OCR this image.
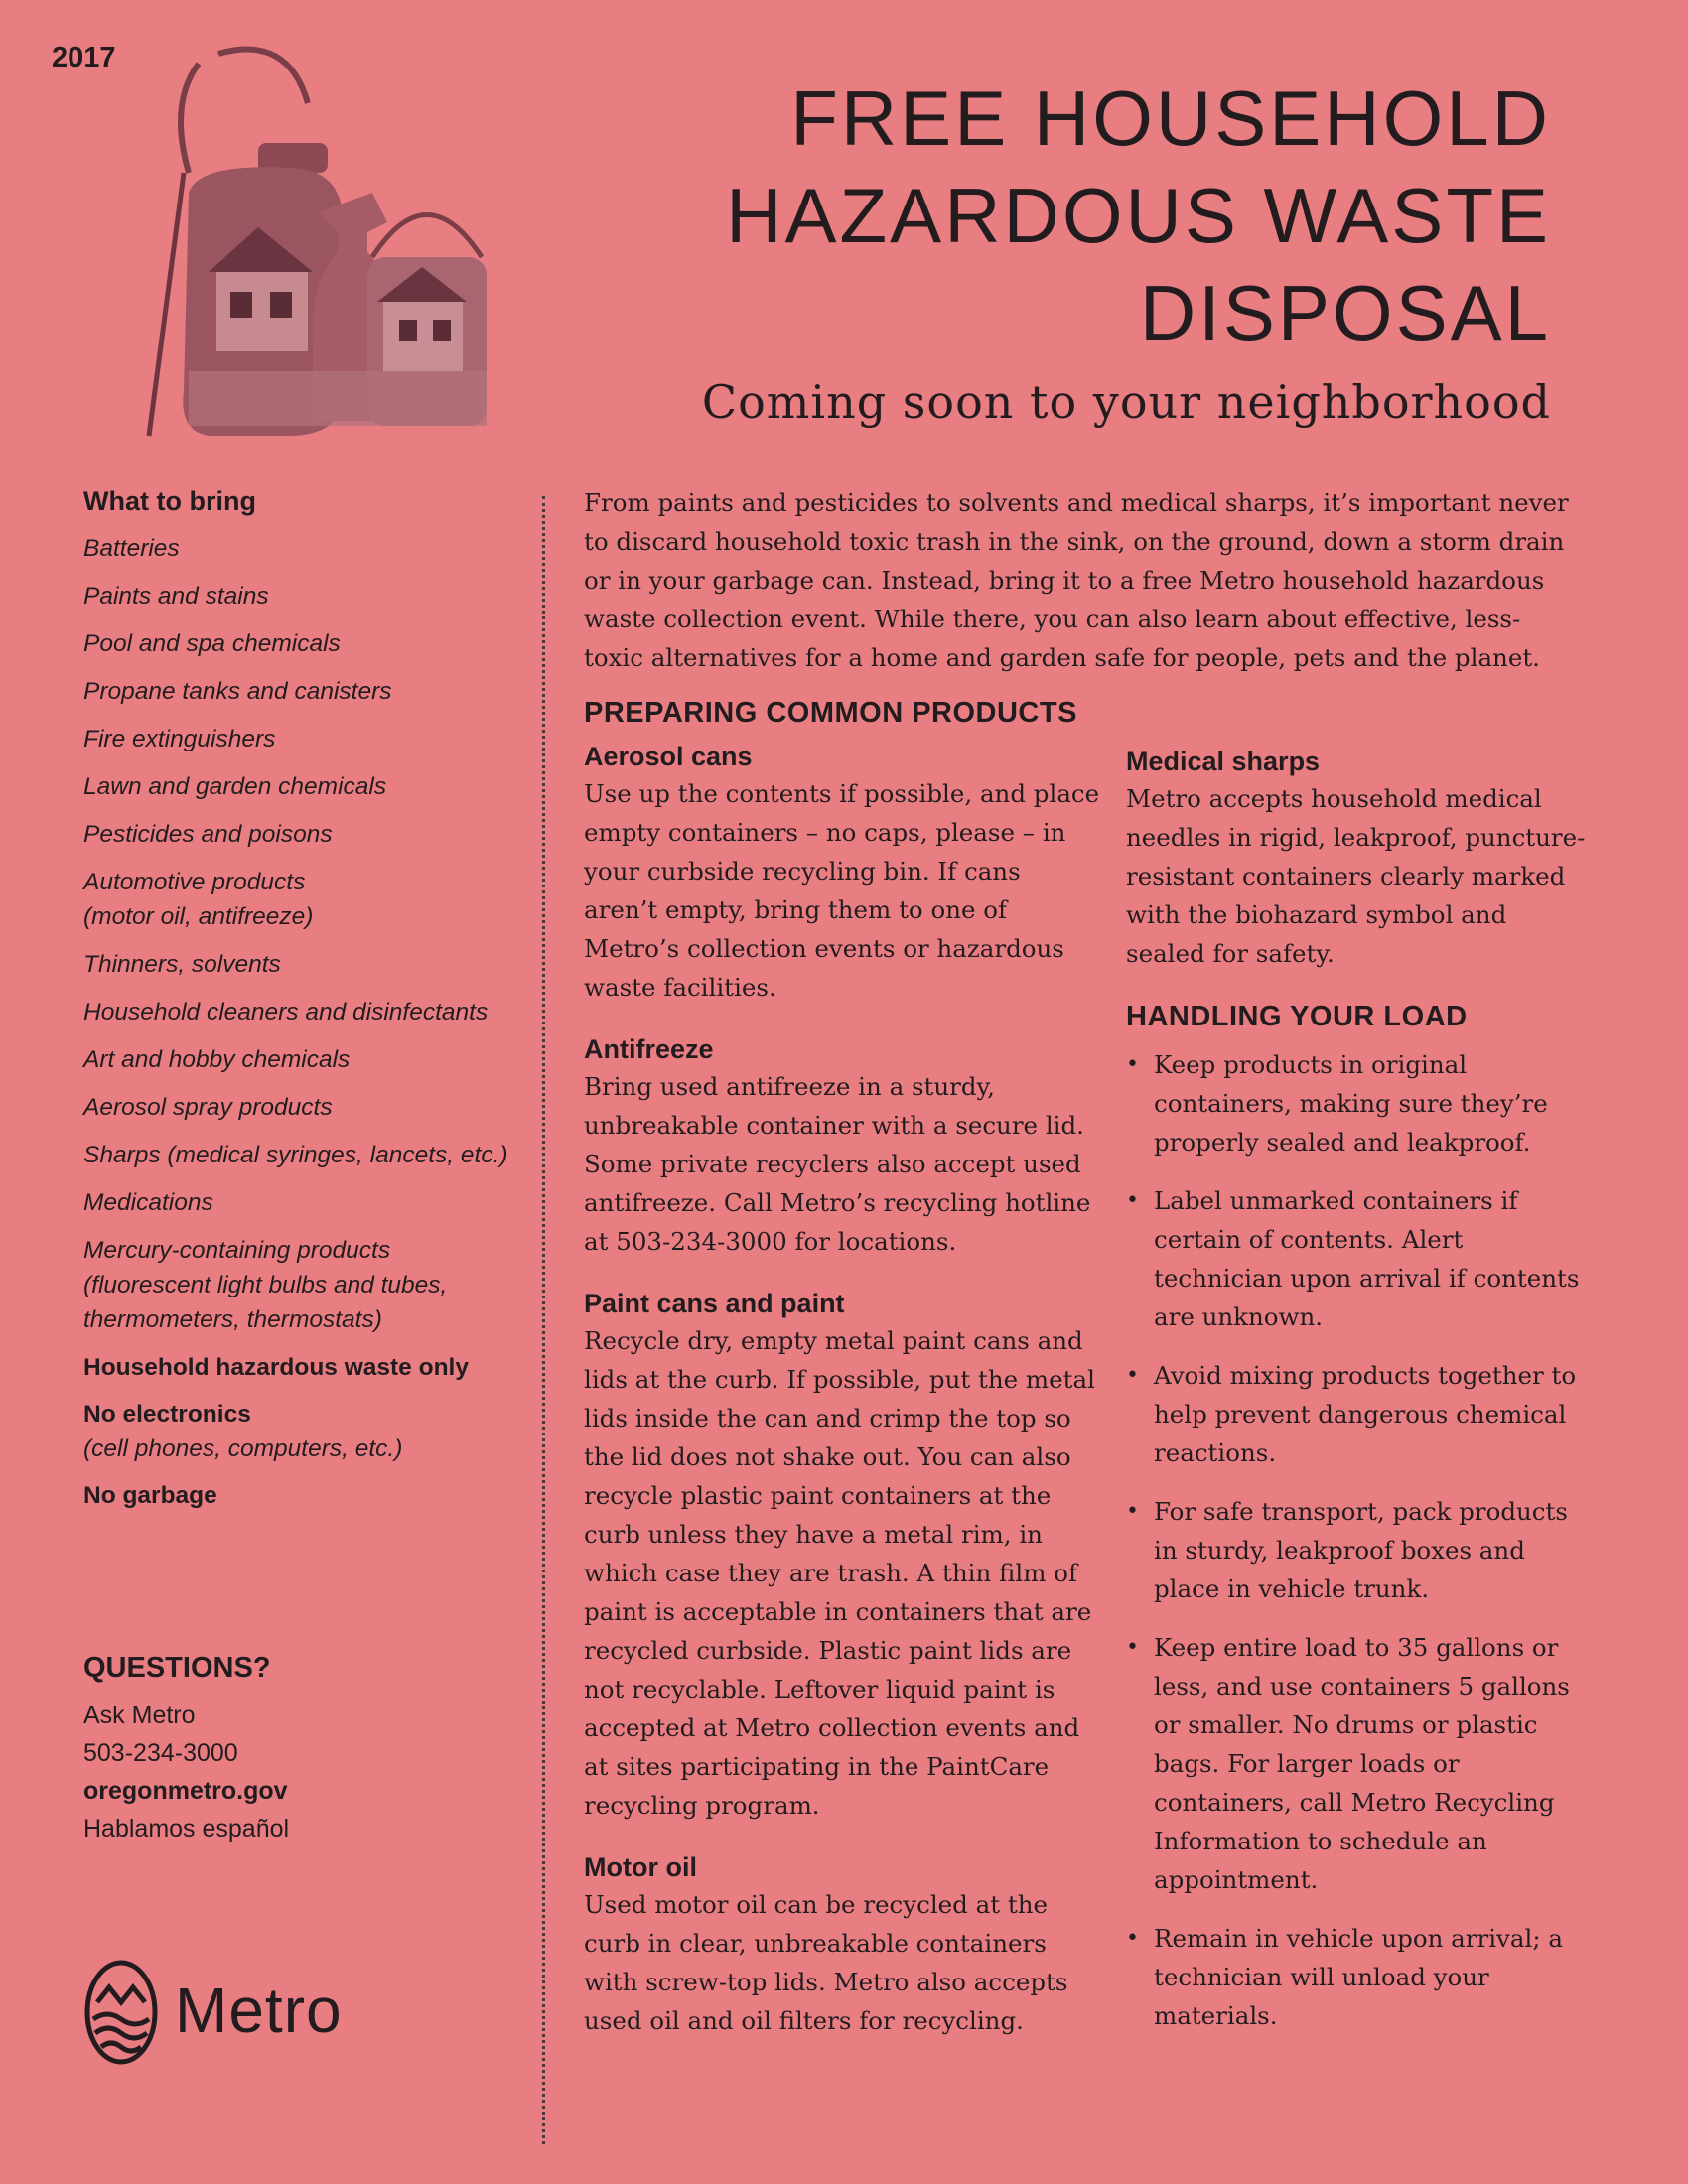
2017
FREE HOUSEHOLD
HAZARDOUS WASTE
DISPOSAL
Coming soon to your neighborhood
What to bring
Batteries
Paints and stains
Pool and spa chemicals
Propane tanks and canisters
Fire extinguishers
Lawn and garden chemicals
Pesticides and poisons
Automotive products (motor oil, antifreeze)
Thinners, solvents
Household cleaners and disinfectants
Art and hobby chemicals
Aerosol spray products
Sharps (medical syringes, lancets, etc.)
Medications
Mercury-containing products (fluorescent light bulbs and tubes, thermometers, thermostats)
Household hazardous waste only
No electronics
(cell phones, computers, etc.)
No garbage
QUESTIONS?
Ask Metro
503-234-3000
oregonmetro.gov
Hablamos español
Metro
From paints and pesticides to solvents and medical sharps, it’s important never to discard household toxic trash in the sink, on the ground, down a storm drain or in your garbage can. Instead, bring it to a free Metro household hazardous waste collection event. While there, you can also learn about effective, less-toxic alternatives for a home and garden safe for people, pets and the planet.
PREPARING COMMON PRODUCTS
Aerosol cans

Use up the contents if possible, and place empty containers – no caps, please – in your curbside recycling bin. If cans aren’t empty, bring them to one of Metro’s collection events or hazardous waste facilities.

Antifreeze

Bring used antifreeze in a sturdy, unbreakable container with a secure lid. Some private recyclers also accept used antifreeze. Call Metro’s recycling hotline at 503-234-3000 for locations.

Paint cans and paint

Recycle dry, empty metal paint cans and lids at the curb. If possible, put the metal lids inside the can and crimp the top so the lid does not shake out. You can also recycle plastic paint containers at the curb unless they have a metal rim, in which case they are trash. A thin film of paint is acceptable in containers that are recycled curbside. Plastic paint lids are not recyclable. Leftover liquid paint is accepted at Metro collection events and at sites participating in the PaintCare recycling program.

Motor oil

Used motor oil can be recycled at the curb in clear, unbreakable containers with screw-top lids. Metro also accepts used oil and oil filters for recycling.

Medical sharps

Metro accepts household medical needles in rigid, leakproof, puncture-resistant containers clearly marked with the biohazard symbol and sealed for safety.

HANDLING YOUR LOAD
• Keep products in original containers, making sure they’re properly sealed and leakproof.
• Label unmarked containers if certain of contents. Alert technician upon arrival if contents are unknown.
• Avoid mixing products together to help prevent dangerous chemical reactions.
• For safe transport, pack products in sturdy, leakproof boxes and place in vehicle trunk.
• Keep entire load to 35 gallons or less, and use containers 5 gallons or smaller. No drums or plastic bags. For larger loads or containers, call Metro Recycling Information to schedule an appointment.
• Remain in vehicle upon arrival; a technician will unload your materials.
